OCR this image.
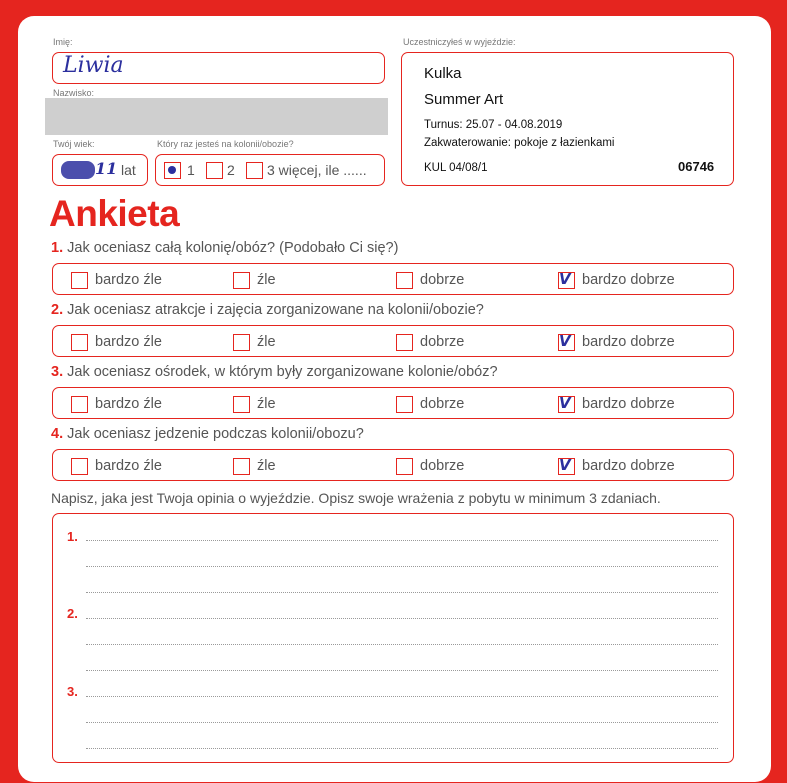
Imię:
Liwia
Nazwisko:
Twój wiek:
11 lat
Który raz jesteś na kolonii/obozie?
1 2 3 więcej, ile ......
Uczestniczyłeś w wyjeździe:
Kulka
Summer Art
Turnus: 25.07 - 04.08.2019
Zakwaterowanie: pokoje z łazienkami
KUL 04/08/1	06746
Ankieta
1. Jak oceniasz całą kolonię/obóz? (Podobało Ci się?)
bardzo źle	źle	dobrze V	bardzo dobrze
2. Jak oceniasz atrakcje i zajęcia zorganizowane na kolonii/obozie?
bardzo źle	źle	dobrze V	bardzo dobrze
3. Jak oceniasz ośrodek, w którym były zorganizowane kolonie/obóz?
bardzo źle	źle	dobrze V	bardzo dobrze
4. Jak oceniasz jedzenie podczas kolonii/obozu?
bardzo źle	źle	dobrze V	bardzo dobrze
Napisz, jaka jest Twoja opinia o wyjeździe. Opisz swoje wrażenia z pobytu w minimum 3 zdaniach.
1.
2.
3.
